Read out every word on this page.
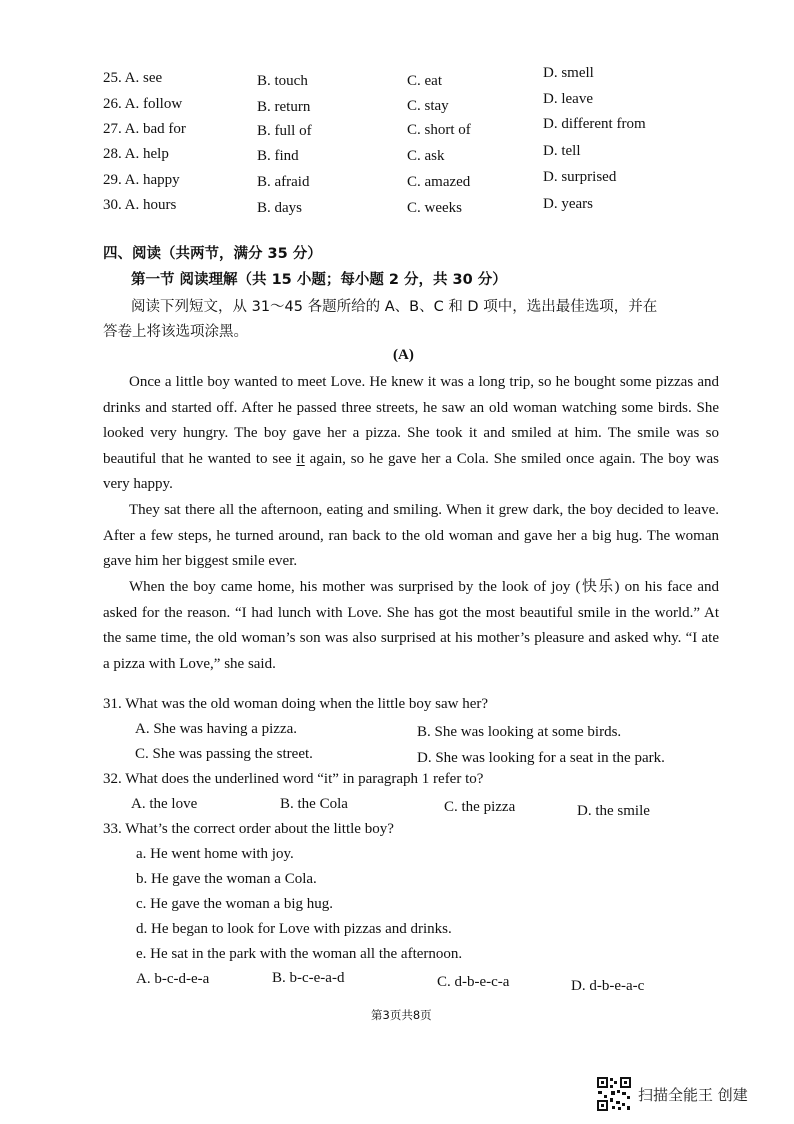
25. A. see	B. touch	C. eat	D. smell
26. A. follow	B. return	C. stay	D. leave
27. A. bad for	B. full of	C. short of	D. different from
28. A. help	B. find	C. ask	D. tell
29. A. happy	B. afraid	C. amazed	D. surprised
30. A. hours	B. days	C. weeks	D. years
四、阅读（共两节，满分 35 分）
第一节 阅读理解（共 15 小题；每小题 2 分，共 30 分）
阅读下列短文，从 31～45 各题所给的 A、B、C 和 D 项中，选出最佳选项，并在
答卷上将该选项涂黑。
(A)
Once a little boy wanted to meet Love. He knew it was a long trip, so he bought some pizzas and drinks and started off. After he passed three streets, he saw an old woman watching some birds. She looked very hungry. The boy gave her a pizza. She took it and smiled at him. The smile was so beautiful that he wanted to see it again, so he gave her a Cola. She smiled once again. The boy was very happy.
They sat there all the afternoon, eating and smiling. When it grew dark, the boy decided to leave. After a few steps, he turned around, ran back to the old woman and gave her a big hug. The woman gave him her biggest smile ever.
When the boy came home, his mother was surprised by the look of joy (快乐) on his face and asked for the reason. “I had lunch with Love. She has got the most beautiful smile in the world.” At the same time, the old woman’s son was also surprised at his mother’s pleasure and asked why. “I ate a pizza with Love,” she said.
31. What was the old woman doing when the little boy saw her?
A. She was having a pizza.	B. She was looking at some birds.
C. She was passing the street.	D. She was looking for a seat in the park.
32. What does the underlined word “it” in paragraph 1 refer to?
A. the love	B. the Cola	C. the pizza	D. the smile
33. What’s the correct order about the little boy?
a. He went home with joy.
b. He gave the woman a Cola.
c. He gave the woman a big hug.
d. He began to look for Love with pizzas and drinks.
e. He sat in the park with the woman all the afternoon.
A. b-c-d-e-a	B. b-c-e-a-d	C. d-b-e-c-a	D. d-b-e-a-c
第3页共8页
扫描全能王 创建
